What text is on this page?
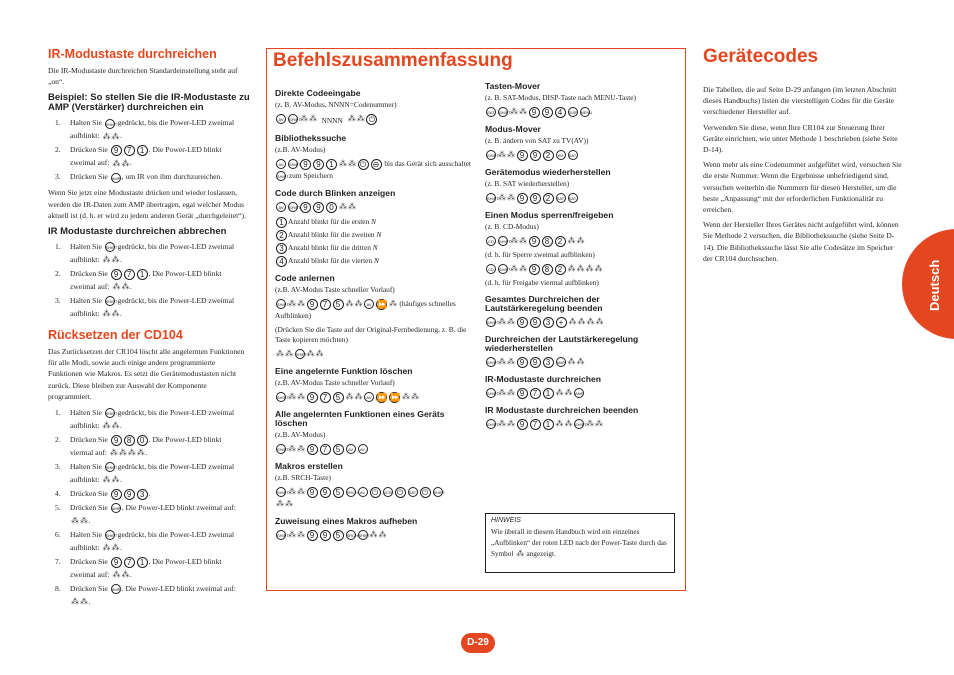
IR-Modustaste durchreichen

Die IR-Modustaste durchreichen Standardeinstellung steht auf „on“.

Beispiel: So stellen Sie die IR-Modustaste zu AMP (Verstärker) durchreichen ein
1. Halten Sie SHIFT gedrückt, bis die Power-LED zweimal
aufblinkt: ⁂ ⁂.
2. Drücken Sie 9 7 1 . Die Power-LED blinkt
zweimal auf: ⁂ ⁂.
3. Drücken Sie AMP, um IR von ihm durchzureichen.

Wenn Sie jetzt eine Modustaste drücken und wieder loslassen, werden die IR-Daten zum AMP übertragen, egal welcher Modus aktuell ist (d. h. er wird zu jedem anderen Gerät „durchgeleitet“).

IR Modustaste durchreichen abbrechen
1. Halten Sie SHIFT gedrückt, bis die Power-LED zweimal
aufblinkt: ⁂ ⁂.
2. Drücken Sie 9 7 1 . Die Power-LED blinkt
zweimal auf: ⁂ ⁂.
3. Halten Sie SHIFT gedrückt, bis die Power-LED zweimal
aufblinkt: ⁂ ⁂.
Rücksetzen der CD104

Das Zurücksetzen der CR104 löscht alle angelernten Funktionen für alle Modi, sowie auch einige andere programmierte Funktionen wie Makros. Es setzt die Gerätemodustasten nicht zurück. Diese bleiben zur Auswahl der Komponente programmiert.

1. Halten Sie SHIFT gedrückt, bis die Power-LED zweimal
aufblinkt: ⁂ ⁂.
2. Drücken Sie 9 8 0 . Die Power-LED blinkt
viermal auf: ⁂ ⁂ ⁂ ⁂.
3. Halten Sie SHIFT gedrückt, bis die Power-LED zweimal
aufblinkt: ⁂ ⁂.
4. Drücken Sie 9 9 3 .
5. Drücken Sie AMP. Die Power-LED blinkt zweimal auf:
⁂ ⁂.
6. Halten Sie SHIFT gedrückt, bis die Power-LED zweimal
aufblinkt: ⁂ ⁂.
7. Drücken Sie 9 7 1 . Die Power-LED blinkt
zweimal auf: ⁂ ⁂.
8. Drücken Sie AMP. Die Power-LED blinkt zweimal auf:
⁂ ⁂.
Befehlszusammenfassung
Direkte Codeeingabe
(z. B. AV-Modus, NNNN=Codenummer)
AV SHIFT⁂ ⁂ NNNN ⁂ ⁂ ⏻
Bibliothekssuche
(z.B. AV-Modus)
AV SHIFT 9 9 1 ⁂ ⁂ ⏻ ⊖ bis das Gerät sich ausschaltet
SHIFT zum Speichern
Code durch Blinken anzeigen
AV SHIFT 9 9 0 ⁂ ⁂
1 Anzahl blinkt für die ersten N
2 Anzahl blinkt für die zweiten N
3 Anzahl blinkt für die dritten N
4 Anzahl blinkt für die vierten N
Code anlernen
(z.B. AV-Modus Taste schneller Vorlauf)
SHIFT⁂ ⁂ 9 7 5 ⁂ ⁂ AV ⏩ ⁂ (häufiges schnelles Aufblinken)
(Drücken Sie die Taste auf der Original-Fernbedienung, z. B. die Taste kopieren möchten)
⁂ ⁂ SHIFT⁂ ⁂
Eine angelernte Funktion löschen
(z.B. AV-Modus Taste schneller Vorlauf)
SHIFT⁂ ⁂ 9 7 5 ⁂ ⁂ AV ⏩ ⏩ ⁂ ⁂
Alle angelernten Funktionen eines Geräts löschen
(z.B. AV-Modus)
SHIFT⁂ ⁂ 9 7 5 AV AV
Makros erstellen
(z.B. SRCH-Taste)
SHIFT⁂ ⁂ 9 9 5 SRCH AV ⏻ VCR ⏻ SAT ⏻ SHIFT
⁂ ⁂
Zuweisung eines Makros aufheben
SHIFT⁂ ⁂ 9 9 5 SRCHSHIFT⁂ ⁂
Tasten-Mover
(z. B. SAT-Modus, DISP-Taste nach MENU-Taste)
SAT SHIFT⁂ ⁂ 9 9 4 DISP MENU
Modus-Mover
(z. B. ändern von SAT zu TV(AV))
SHIFT⁂ ⁂ 9 9 2 AV SAT
Gerätemodus wiederherstellen
(z. B. SAT wiederherstellen)
SHIFT⁂ ⁂ 9 9 2 SAT SAT
Einen Modus sperren/freigeben
(z. B. CD-Modus)
CD SHIFT⁂ ⁂ 9 8 2 ⁂ ⁂
(d. h. für Sperre zweimal aufblinken)
CD SHIFT⁂ ⁂ 9 8 2 ⁂ ⁂ ⁂ ⁂
(d. h. für Freigabe viermal aufblinken)
Gesamtes Durchreichen der Lautstärkeregelung beenden
SHIFT⁂ ⁂ 9 9 3 + ⁂ ⁂ ⁂ ⁂
Durchreichen der Lautstärkeregelung wiederherstellen
SHIFT⁂ ⁂ 9 9 3 AMP ⁂ ⁂
IR-Modustaste durchreichen
SHIFT⁂ ⁂ 9 7 1 ⁂ ⁂ AMP
IR Modustaste durchreichen beenden
SHIFT⁂ ⁂ 9 7 1 ⁂ ⁂ SHIFT⁂ ⁂
HINWEIS
Wie überall in diesem Handbuch wird ein einzelnes „Aufblinken“ der roten LED nach der Power-Taste durch das Symbol ⁂ angezeigt.
Gerätecodes

Die Tabellen, die auf Seite D-29 anfangen (im letzten Abschnitt dieses Handbuchs) listen die vierstelligen Codes für die Geräte verschiedener Hersteller auf.

Verwenden Sie diese, wenn Ihre CR104 zur Steuerung Ihrer Geräte einrichten, wie unter Methode 1 beschrieben (siehe Seite D-14).

Wenn mehr als eine Codenummer aufgeführt wird, versuchen Sie die erste Nummer. Wenn die Ergebnisse unbefriedigend sind, versuchen weiterhin die Nummern für diesen Hersteller, um die beste „Anpassung“ mit der erforderlichen Funktionalität zu erreichen.

Wenn der Hersteller Ihres Gerätes nicht aufgeführt wird, können Sie Methode 2 versuchen, die Bibliothekssuche (siehe Seite D-14). Die Bibliothekssuche lässt Sie alle Codesätze im Speicher der CR104 durchsuchen.

Deutsch
D-29
